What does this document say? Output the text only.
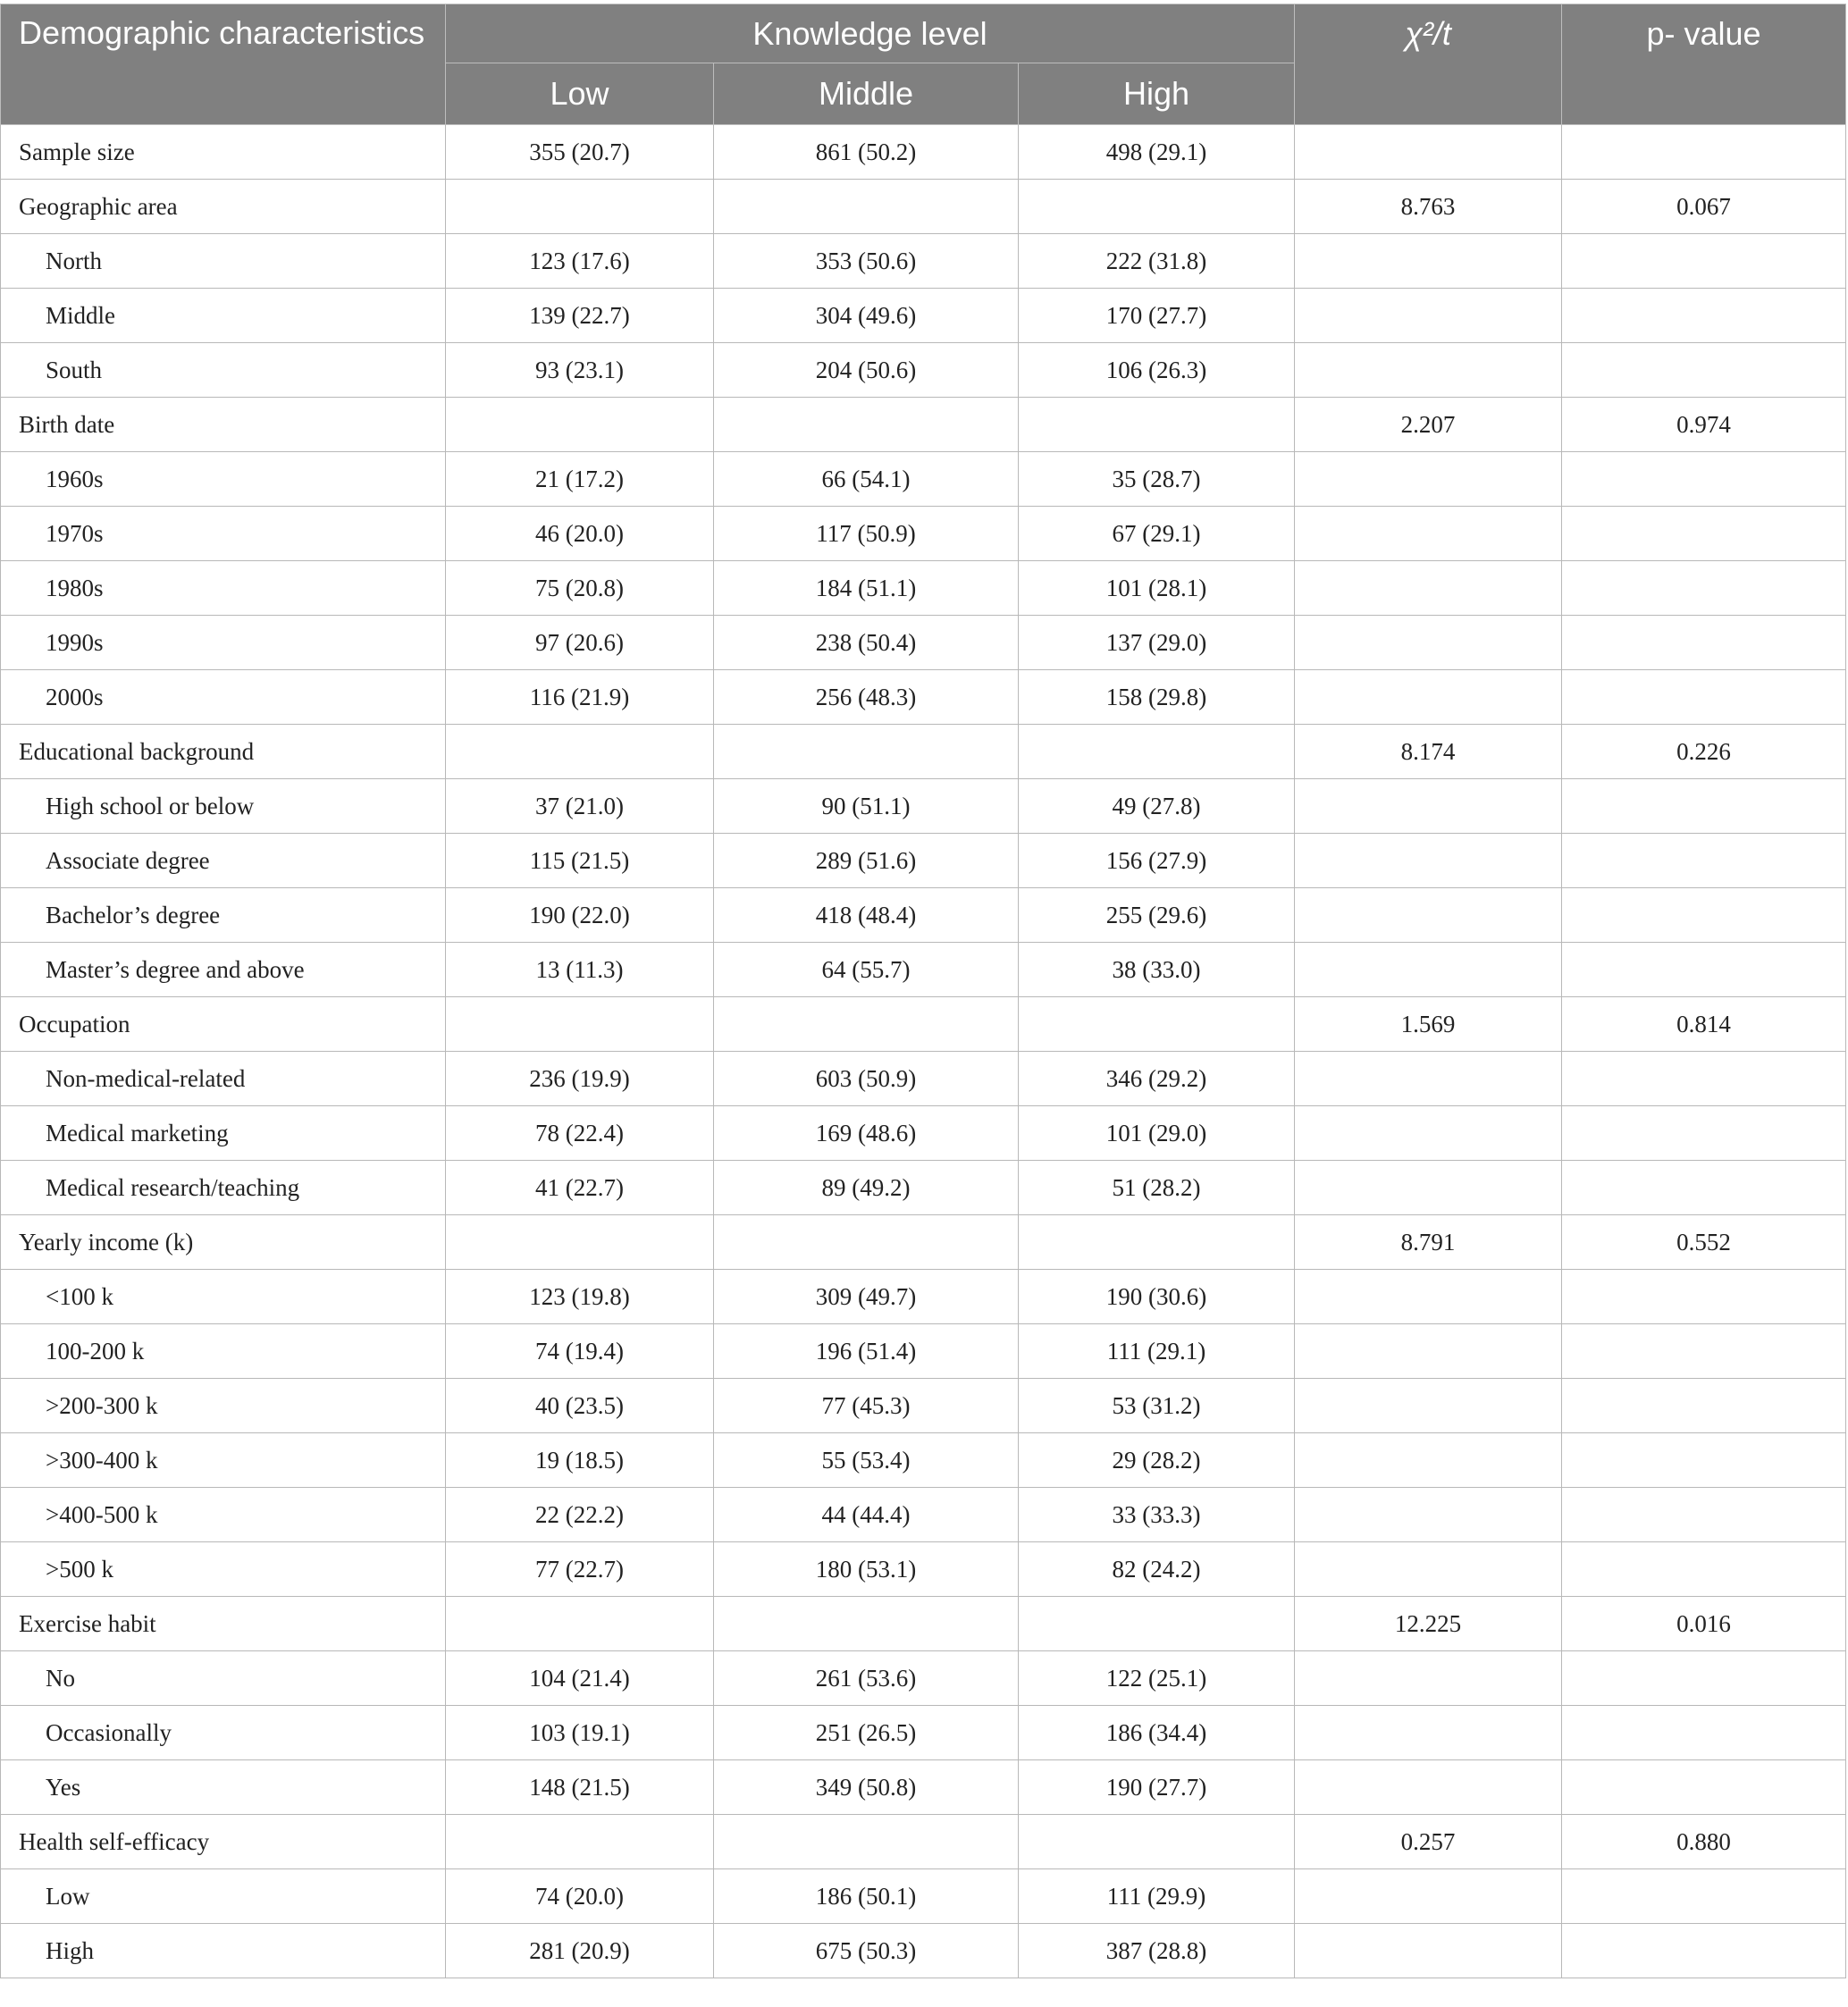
Demographic characteristics	Knowledge level			χ²/t	p- value
	Low	Middle	High		
Sample size	355 (20.7)	861 (50.2)	498 (29.1)		
Geographic area				8.763	0.067
North	123 (17.6)	353 (50.6)	222 (31.8)		
Middle	139 (22.7)	304 (49.6)	170 (27.7)		
South	93 (23.1)	204 (50.6)	106 (26.3)		
Birth date				2.207	0.974
1960s	21 (17.2)	66 (54.1)	35 (28.7)		
1970s	46 (20.0)	117 (50.9)	67 (29.1)		
1980s	75 (20.8)	184 (51.1)	101 (28.1)		
1990s	97 (20.6)	238 (50.4)	137 (29.0)		
2000s	116 (21.9)	256 (48.3)	158 (29.8)		
Educational background				8.174	0.226
High school or below	37 (21.0)	90 (51.1)	49 (27.8)		
Associate degree	115 (21.5)	289 (51.6)	156 (27.9)		
Bachelor’s degree	190 (22.0)	418 (48.4)	255 (29.6)		
Master’s degree and above	13 (11.3)	64 (55.7)	38 (33.0)		
Occupation				1.569	0.814
Non-medical-related	236 (19.9)	603 (50.9)	346 (29.2)		
Medical marketing	78 (22.4)	169 (48.6)	101 (29.0)		
Medical research/teaching	41 (22.7)	89 (49.2)	51 (28.2)		
Yearly income (k)				8.791	0.552
<100 k	123 (19.8)	309 (49.7)	190 (30.6)		
100-200 k	74 (19.4)	196 (51.4)	111 (29.1)		
>200-300 k	40 (23.5)	77 (45.3)	53 (31.2)		
>300-400 k	19 (18.5)	55 (53.4)	29 (28.2)		
>400-500 k	22 (22.2)	44 (44.4)	33 (33.3)		
>500 k	77 (22.7)	180 (53.1)	82 (24.2)		
Exercise habit				12.225	0.016
No	104 (21.4)	261 (53.6)	122 (25.1)		
Occasionally	103 (19.1)	251 (26.5)	186 (34.4)		
Yes	148 (21.5)	349 (50.8)	190 (27.7)		
Health self-efficacy				0.257	0.880
Low	74 (20.0)	186 (50.1)	111 (29.9)		
High	281 (20.9)	675 (50.3)	387 (28.8)		
